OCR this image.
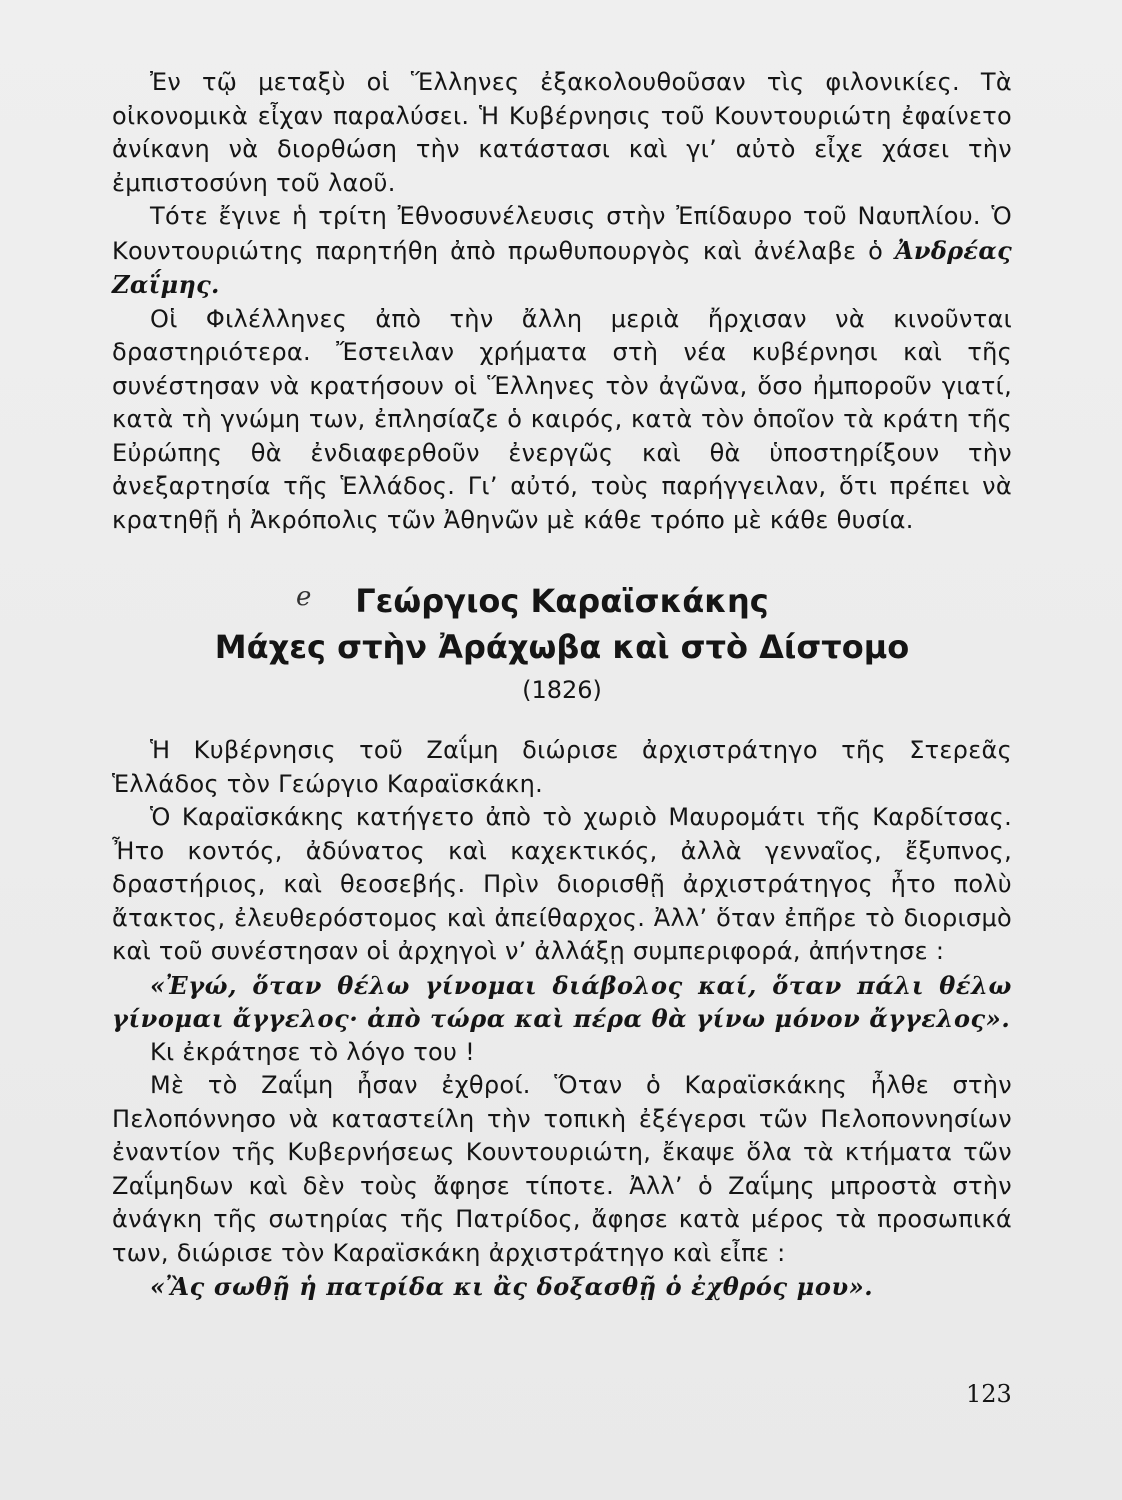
Ἐν τῷ μεταξὺ οἱ Ἕλληνες ἐξακολουθοῦσαν τὶς φιλονικίες. Τὰ οἰκονομικὰ εἶχαν παραλύσει. Ἡ Κυβέρνησις τοῦ Κουντουριώτη ἐφαίνετο ἀνίκανη νὰ διορθώση τὴν κατάστασι καὶ γι’ αὐτὸ εἶχε χάσει τὴν ἐμπιστοσύνη τοῦ λαοῦ.

Τότε ἔγινε ἡ τρίτη Ἐθνοσυνέλευσις στὴν Ἐπίδαυρο τοῦ Ναυπλίου. Ὁ Κουντουριώτης παρητήθη ἀπὸ πρωθυπουργὸς καὶ ἀνέλαβε ὁ Ἀνδρέας Ζαΐμης.

Οἱ Φιλέλληνες ἀπὸ τὴν ἄλλη μεριὰ ἤρχισαν νὰ κινοῦνται δραστηριότερα. Ἔστειλαν χρήματα στὴ νέα κυβέρνησι καὶ τῆς συνέστησαν νὰ κρατήσουν οἱ Ἕλληνες τὸν ἀγῶνα, ὅσο ἠμποροῦν γιατί, κατὰ τὴ γνώμη των, ἐπλησίαζε ὁ καιρός, κατὰ τὸν ὁποῖον τὰ κράτη τῆς Εὐρώπης θὰ ἐνδιαφερθοῦν ἐνεργῶς καὶ θὰ ὑποστηρίξουν τὴν ἀνεξαρτησία τῆς Ἑλλάδος. Γι’ αὐτό, τοὺς παρήγγειλαν, ὅτι πρέπει νὰ κρατηθῇ ἡ Ἀκρόπολις τῶν Ἀθηνῶν μὲ κάθε τρόπο μὲ κάθε θυσία.

e	Γεώργιος Καραϊσκάκης
Μάχες στὴν Ἀράχωβα καὶ στὸ Δίστομο
(1826)

Ἡ Κυβέρνησις τοῦ Ζαΐμη διώρισε ἀρχιστράτηγο τῆς Στερεᾶς Ἑλλάδος τὸν Γεώργιο Καραϊσκάκη.

Ὁ Καραϊσκάκης κατήγετο ἀπὸ τὸ χωριὸ Μαυρομάτι τῆς Καρδίτσας. Ἦτο κοντός, ἀδύνατος καὶ καχεκτικός, ἀλλὰ γενναῖος, ἔξυπνος, δραστήριος, καὶ θεοσεβής. Πρὶν διορισθῇ ἀρχιστράτηγος ἦτο πολὺ ἄτακτος, ἐλευθερόστομος καὶ ἀπείθαρχος. Ἀλλ’ ὅταν ἐπῆρε τὸ διορισμὸ καὶ τοῦ συνέστησαν οἱ ἀρχηγοὶ ν’ ἀλλάξῃ συμπεριφορά, ἀπήντησε :

«Ἐγώ, ὅταν θέλω γίνομαι διάβολος καί, ὅταν πάλι θέλω γίνομαι ἄγγελος· ἀπὸ τώρα καὶ πέρα θὰ γίνω μόνον ἄγγελος».

Κι ἐκράτησε τὸ λόγο του !

Μὲ τὸ Ζαΐμη ἦσαν ἐχθροί. Ὅταν ὁ Καραϊσκάκης ἦλθε στὴν Πελοπόννησο νὰ καταστείλη τὴν τοπικὴ ἐξέγερσι τῶν Πελοποννησίων ἐναντίον τῆς Κυβερνήσεως Κουντουριώτη, ἔκαψε ὅλα τὰ κτήματα τῶν Ζαΐμηδων καὶ δὲν τοὺς ἄφησε τίποτε. Ἀλλ’ ὁ Ζαΐμης μπροστὰ στὴν ἀνάγκη τῆς σωτηρίας τῆς Πατρίδος, ἄφησε κατὰ μέρος τὰ προσωπικά των, διώρισε τὸν Καραϊσκάκη ἀρχιστράτηγο καὶ εἶπε :

«Ἂς σωθῇ ἡ πατρίδα κι ἂς δοξασθῇ ὁ ἐχθρός μου».

123
